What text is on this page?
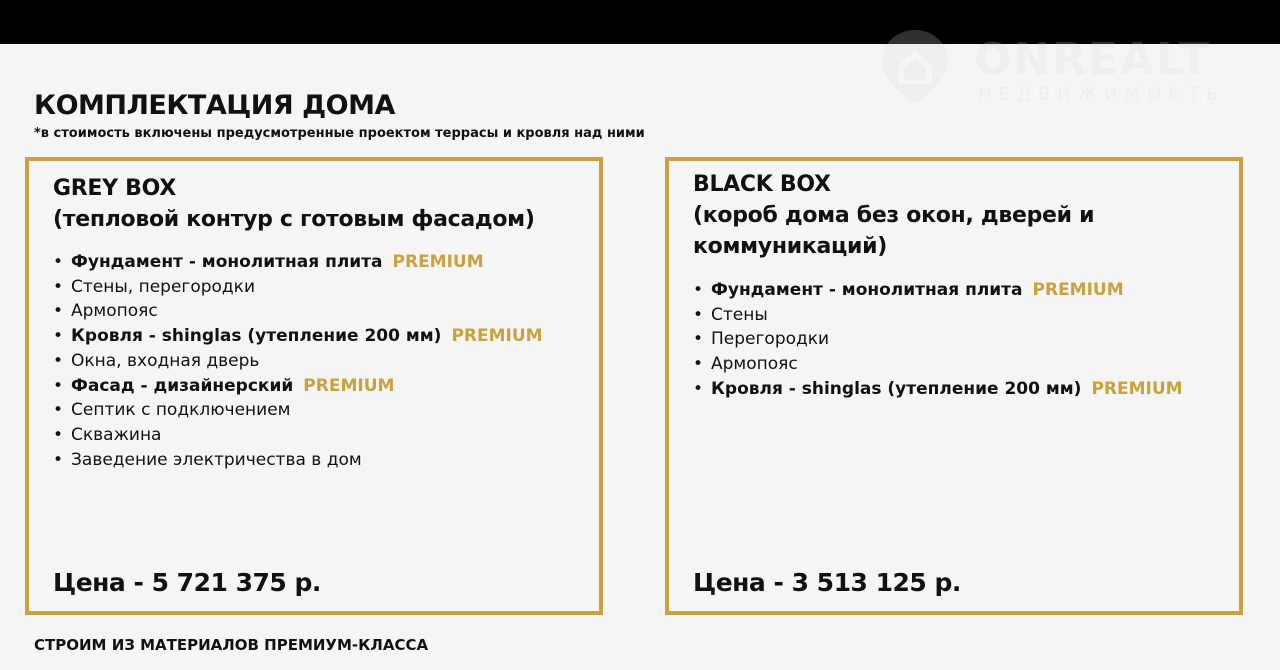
ONREALT
НЕДВИЖИМОСТЬ
КОМПЛЕКТАЦИЯ ДОМА
*в стоимость включены предусмотренные проектом террасы и кровля над ними
GREY BOX
(тепловой контур с готовым фасадом)
• Фундамент - монолитная плита PREMIUM
• Стены, перегородки
• Армопояс
• Кровля - shinglas (утепление 200 мм) PREMIUM
• Окна, входная дверь
• Фасад - дизайнерский PREMIUM
• Септик с подключением
• Скважина
• Заведение электричества в дом
Цена - 5 721 375 р.
BLACK BOX
(короб дома без окон, дверей и коммуникаций)
• Фундамент - монолитная плита PREMIUM
• Стены
• Перегородки
• Армопояс
• Кровля - shinglas (утепление 200 мм) PREMIUM
Цена - 3 513 125 р.
СТРОИМ ИЗ МАТЕРИАЛОВ ПРЕМИУМ-КЛАССА
